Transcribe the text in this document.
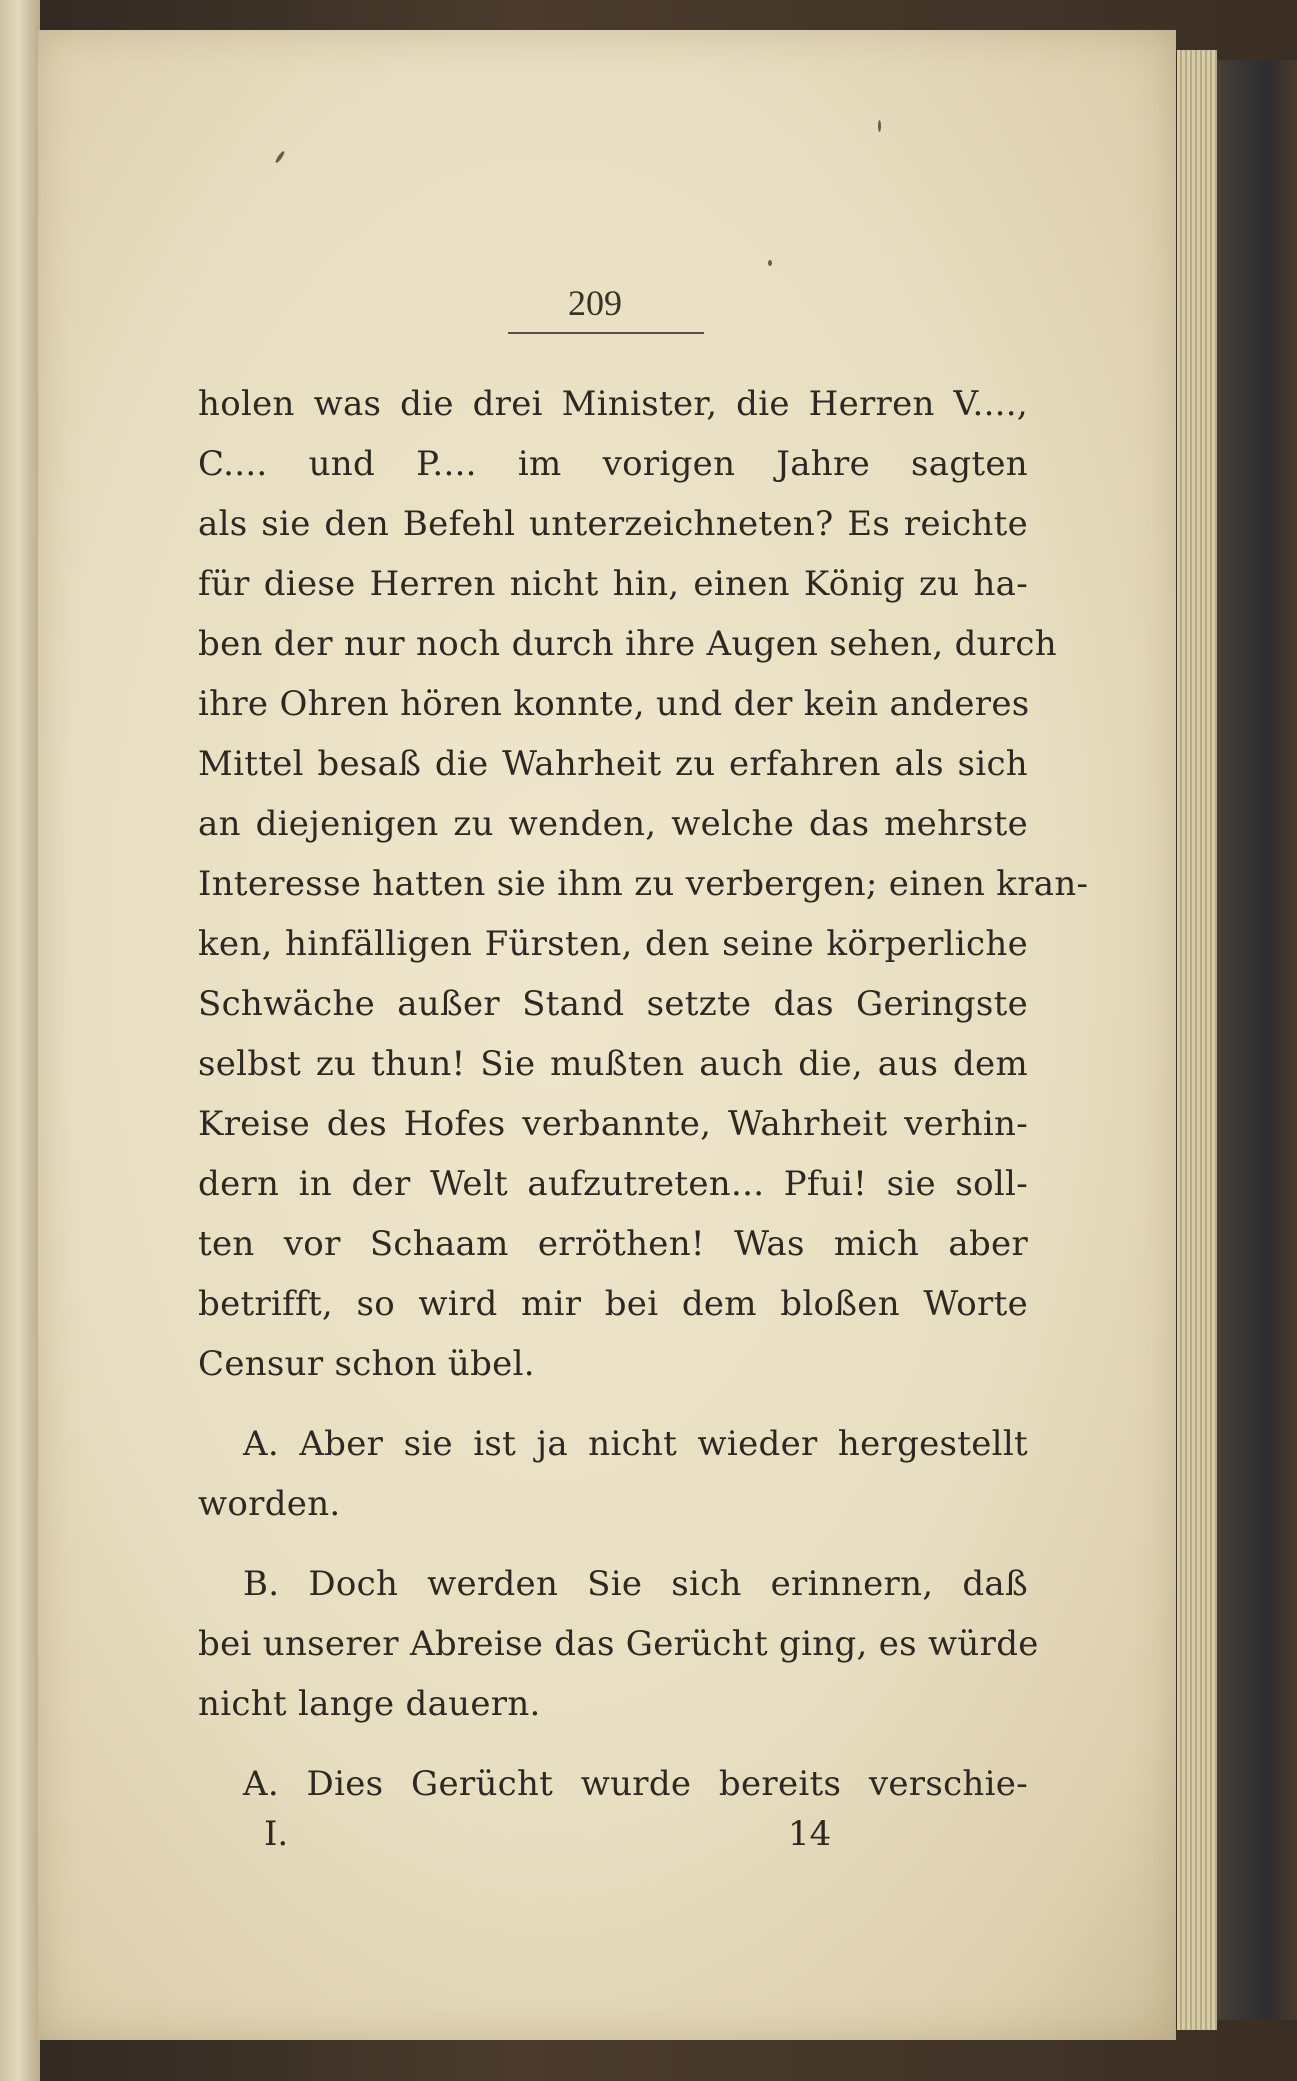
209
holen was die drei Minister, die Herren V....,
C.... und P.... im vorigen Jahre sagten
als sie den Befehl unterzeichneten? Es reichte
für diese Herren nicht hin, einen König zu ha-
ben der nur noch durch ihre Augen sehen, durch
ihre Ohren hören konnte, und der kein anderes
Mittel besaß die Wahrheit zu erfahren als sich
an diejenigen zu wenden, welche das mehrste
Interesse hatten sie ihm zu verbergen; einen kran-
ken, hinfälligen Fürsten, den seine körperliche
Schwäche außer Stand setzte das Geringste
selbst zu thun! Sie mußten auch die, aus dem
Kreise des Hofes verbannte, Wahrheit verhin-
dern in der Welt aufzutreten... Pfui! sie soll-
ten vor Schaam erröthen! Was mich aber
betrifft, so wird mir bei dem bloßen Worte
Censur schon übel.
A. Aber sie ist ja nicht wieder hergestellt
worden.
B. Doch werden Sie sich erinnern, daß
bei unserer Abreise das Gerücht ging, es würde
nicht lange dauern.
A. Dies Gerücht wurde bereits verschie-
I.	14
